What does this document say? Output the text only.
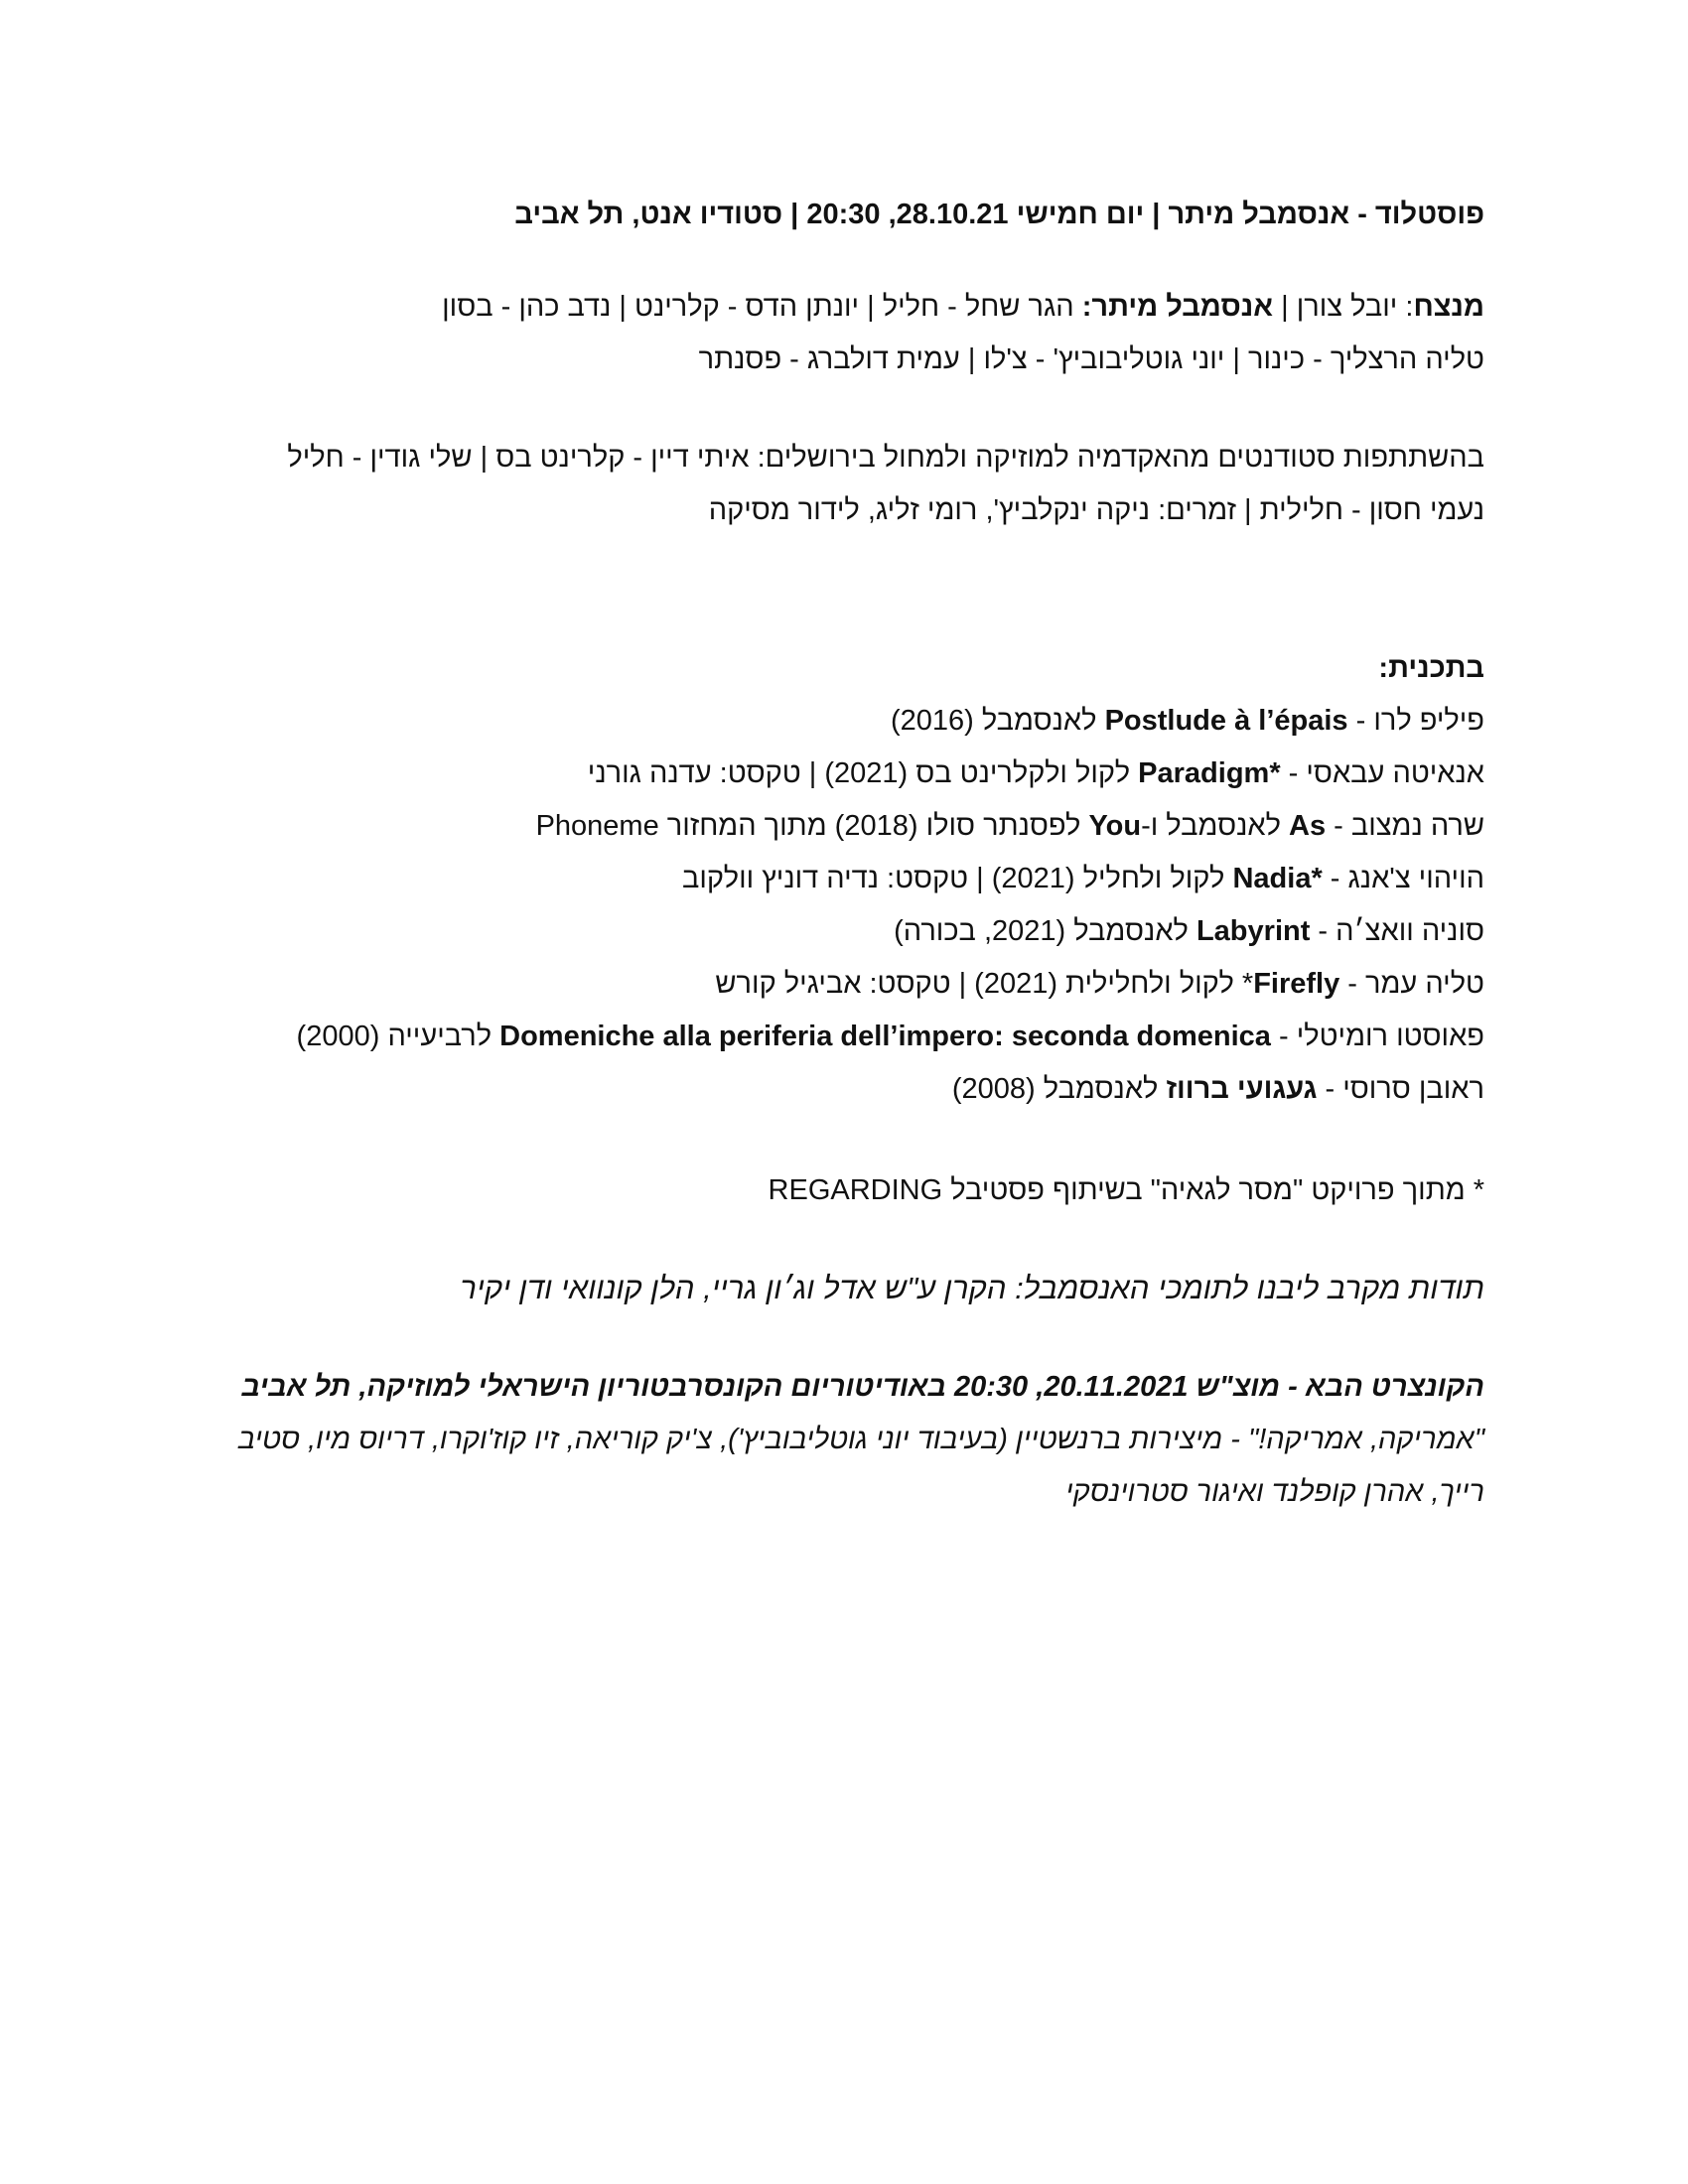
פוסטלוד - אנסמבל מיתר | יום חמישי 28.10.21, 20:30 | סטודיו אנט, תל אביב
מנצח: יובל צורן | אנסמבל מיתר: הגר שחל - חליל | יונתן הדס - קלרינט | נדב כהן - בסון
טליה הרצליך - כינור | יוני גוטליבוביץ' - צ'לו | עמית דולברג - פסנתר
בהשתתפות סטודנטים מהאקדמיה למוזיקה ולמחול בירושלים: איתי דיין - קלרינט בס | שלי גודין - חליל
נעמי חסון - חלילית | זמרים: ניקה ינקלביץ', רומי זליג, לידור מסיקה
בתכנית:
פיליפ לרו - Postlude à l’épais לאנסמבל (2016)
אנאיטה עבאסי - Paradigm* לקול ולקלרינט בס (2021) | טקסט: עדנה גורני
שרה נמצוב - As לאנסמבל ו-You לפסנתר סולו (2018) מתוך המחזור Phoneme
הויהוי צ'אנג - Nadia* לקול ולחליל (2021) | טקסט: נדיה דוניץ וולקוב
סוניה וואצ׳ה - Labyrint לאנסמבל (2021, בכורה)
טליה עמר - Firefly* לקול ולחלילית (2021) | טקסט: אביגיל קורש
פאוסטו רומיטלי - Domeniche alla periferia dell’impero: seconda domenica לרביעייה (2000)
ראובן סרוסי - געגועי ברווז לאנסמבל (2008)
* מתוך פרויקט "מסר לגאיה" בשיתוף פסטיבל REGARDING
תודות מקרב ליבנו לתומכי האנסמבל: הקרן ע"ש אדל וג׳ון גריי, הלן קונוואי ודן יקיר
הקונצרט הבא - מוצ"ש 20.11.2021, 20:30 באודיטוריום הקונסרבטוריון הישראלי למוזיקה, תל אביב
"אמריקה, אמריקה!" - מיצירות ברנשטיין (בעיבוד יוני גוטליבוביץ'), צ'יק קוריאה, זיו קוז'וקרו, דריוס מיו, סטיב
רייך, אהרן קופלנד ואיגור סטרוינסקי
